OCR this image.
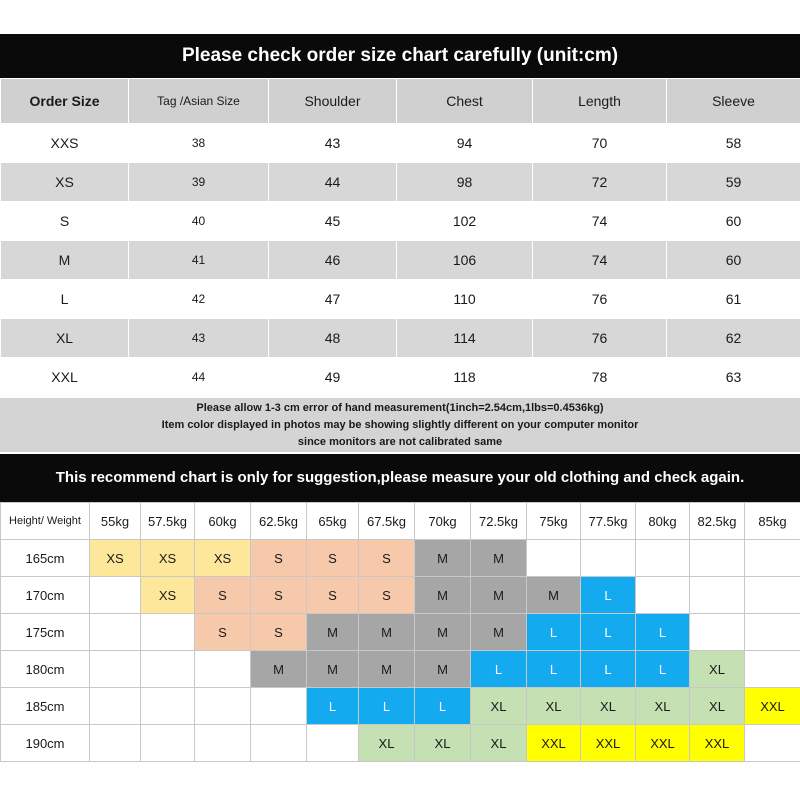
Please check order size chart carefully (unit:cm)
Order Size	Tag /Asian Size	Shoulder	Chest	Length	Sleeve
XXS	38	43	94	70	58
XS	39	44	98	72	59
S	40	45	102	74	60
M	41	46	106	74	60
L	42	47	110	76	61
XL	43	48	114	76	62
XXL	44	49	118	78	63
Please allow 1-3 cm error of hand measurement(1inch=2.54cm,1lbs=0.4536kg)
Item color displayed in photos may be showing slightly different on your computer monitor
since monitors are not calibrated same
This recommend chart is only for suggestion,please measure your old clothing and check again.
Height/ Weight	55kg	57.5kg	60kg	62.5kg	65kg	67.5kg	70kg	72.5kg	75kg	77.5kg	80kg	82.5kg	85kg
165cm	XS	XS	XS	S	S	S	M	M					
170cm		XS	S	S	S	S	M	M	M	L			
175cm			S	S	M	M	M	M	L	L	L		
180cm				M	M	M	M	L	L	L	L	XL	
185cm					L	L	L	XL	XL	XL	XL	XL	XXL
190cm						XL	XL	XL	XXL	XXL	XXL	XXL	
